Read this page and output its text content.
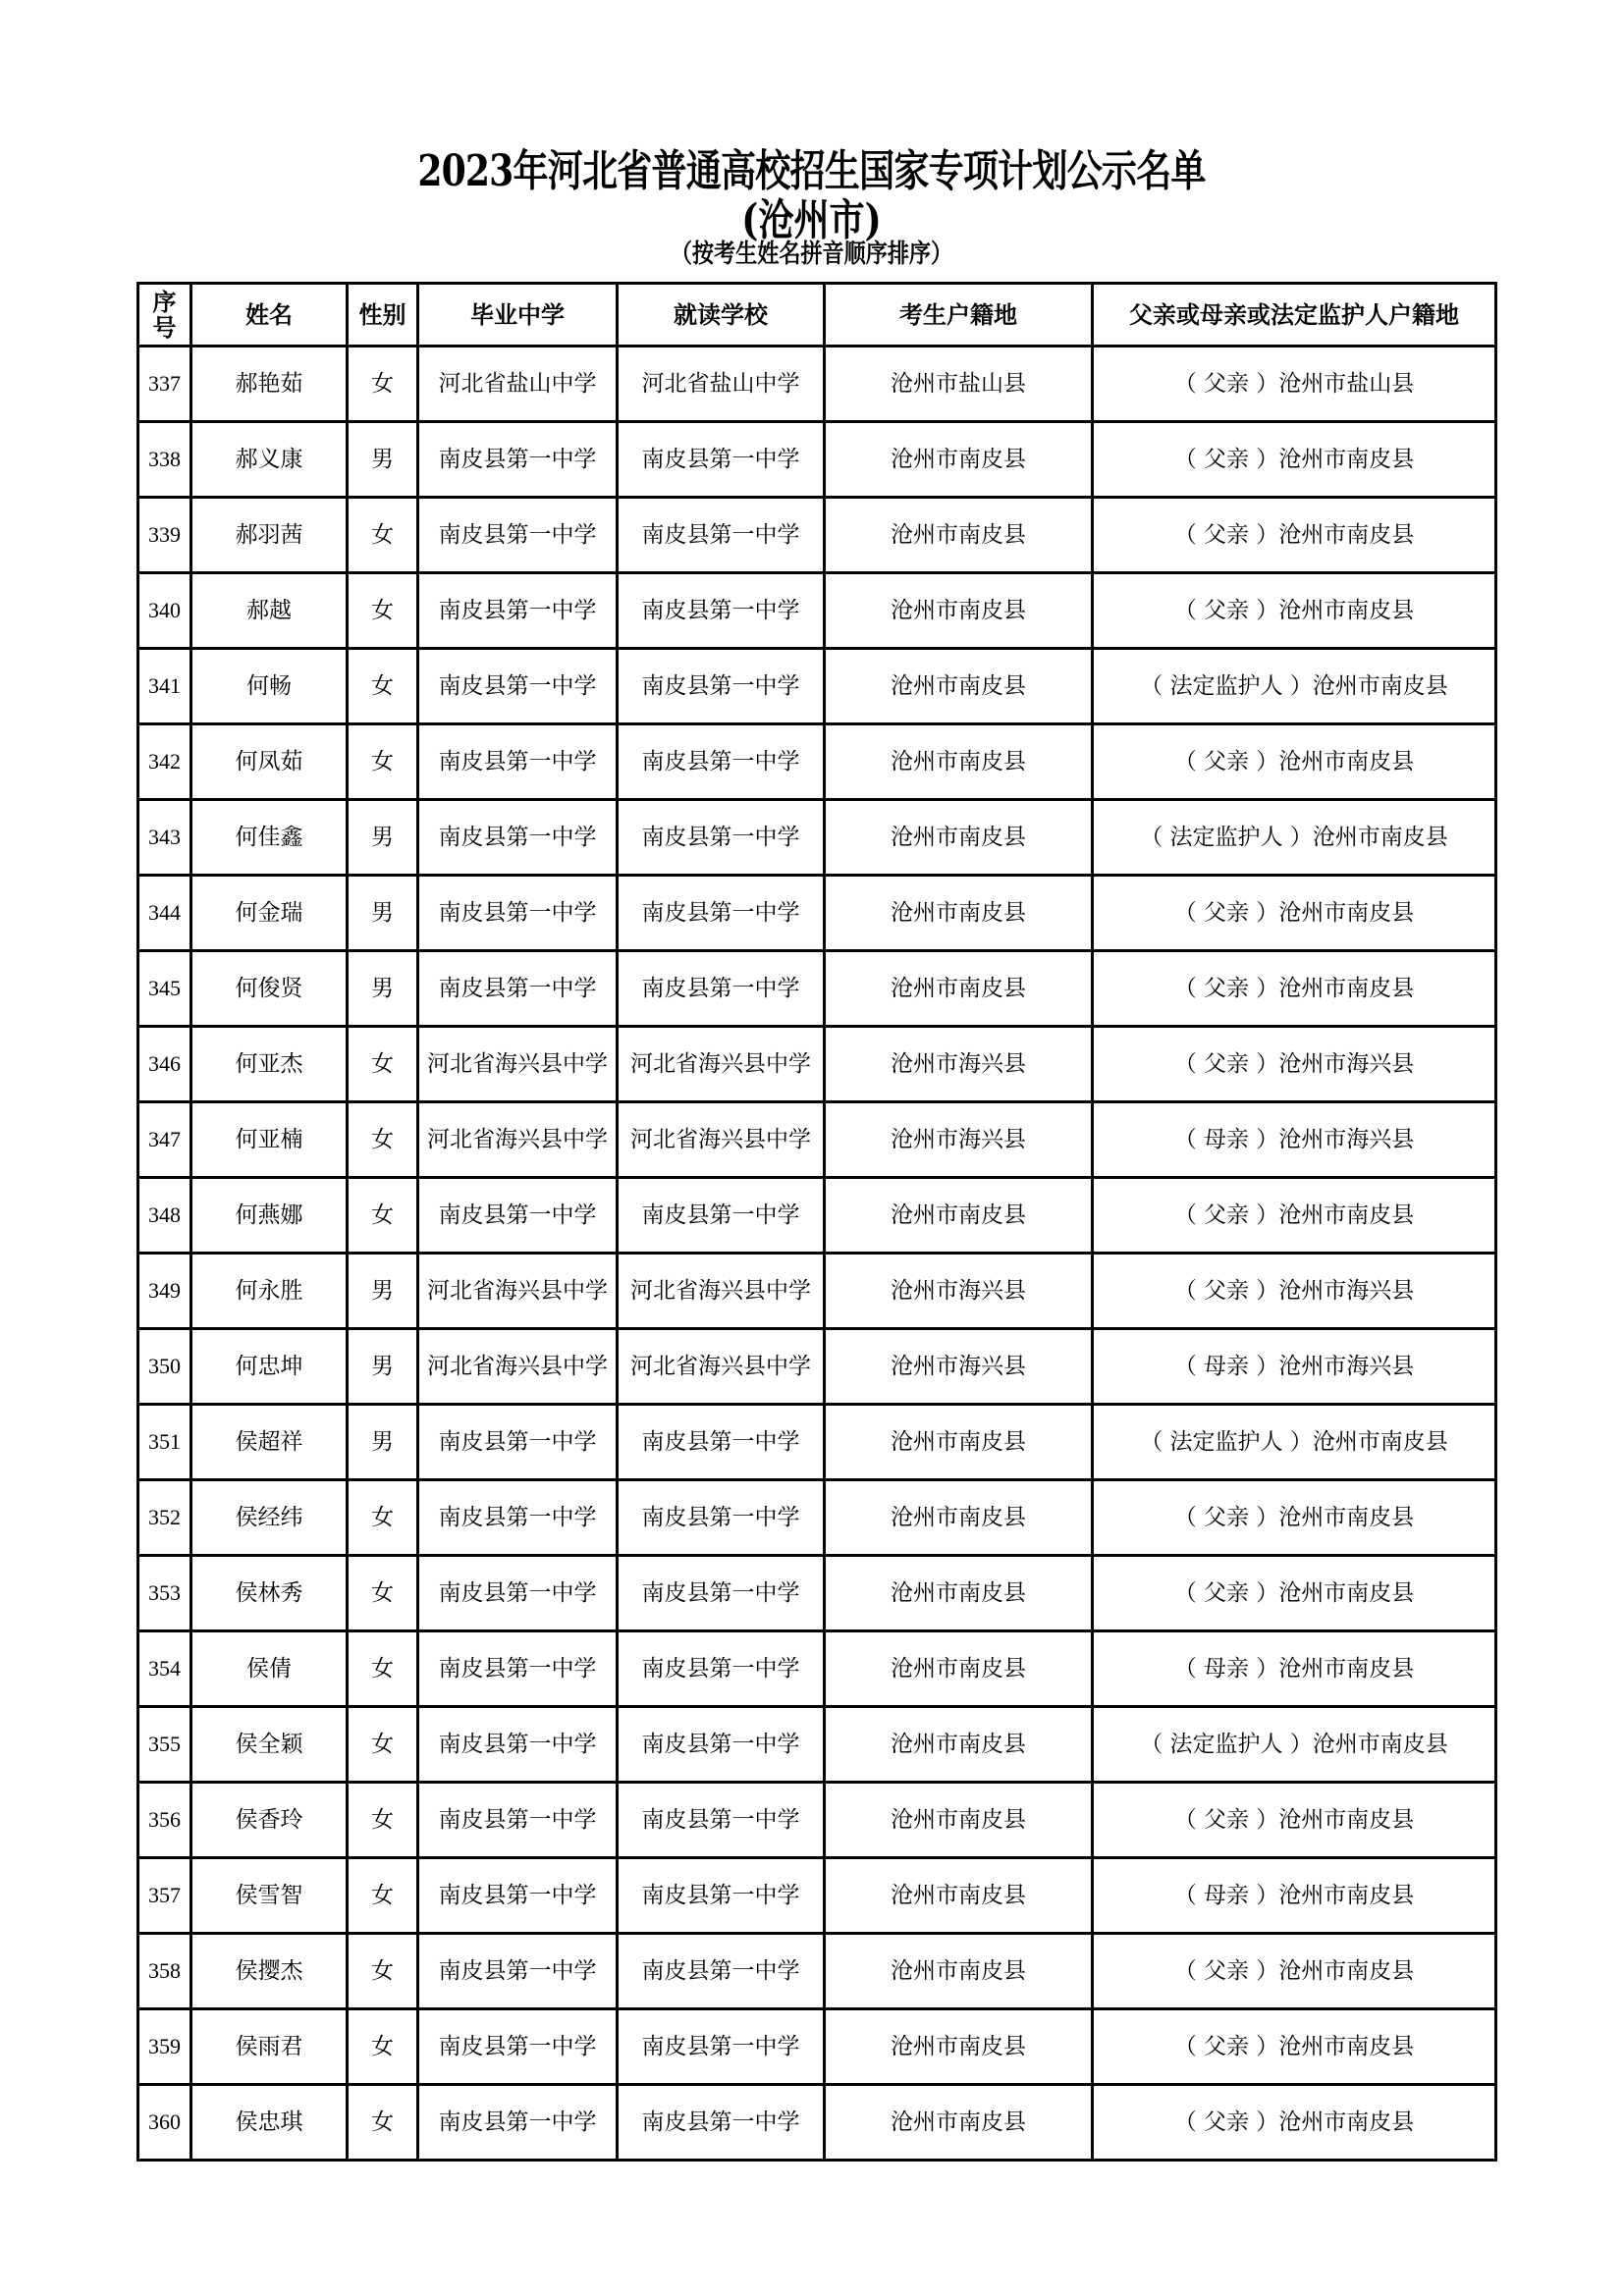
2023年河北省普通高校招生国家专项计划公示名单
(沧州市)
（按考生姓名拼音顺序排序）
序号	姓名	性别	毕业中学	就读学校	考生户籍地	父亲或母亲或法定监护人户籍地
337	郝艳茹	女	河北省盐山中学	河北省盐山中学	沧州市盐山县	（ 父亲 ）沧州市盐山县
338	郝义康	男	南皮县第一中学	南皮县第一中学	沧州市南皮县	（ 父亲 ）沧州市南皮县
339	郝羽茜	女	南皮县第一中学	南皮县第一中学	沧州市南皮县	（ 父亲 ）沧州市南皮县
340	郝越	女	南皮县第一中学	南皮县第一中学	沧州市南皮县	（ 父亲 ）沧州市南皮县
341	何畅	女	南皮县第一中学	南皮县第一中学	沧州市南皮县	（ 法定监护人 ）沧州市南皮县
342	何凤茹	女	南皮县第一中学	南皮县第一中学	沧州市南皮县	（ 父亲 ）沧州市南皮县
343	何佳鑫	男	南皮县第一中学	南皮县第一中学	沧州市南皮县	（ 法定监护人 ）沧州市南皮县
344	何金瑞	男	南皮县第一中学	南皮县第一中学	沧州市南皮县	（ 父亲 ）沧州市南皮县
345	何俊贤	男	南皮县第一中学	南皮县第一中学	沧州市南皮县	（ 父亲 ）沧州市南皮县
346	何亚杰	女	河北省海兴县中学	河北省海兴县中学	沧州市海兴县	（ 父亲 ）沧州市海兴县
347	何亚楠	女	河北省海兴县中学	河北省海兴县中学	沧州市海兴县	（ 母亲 ）沧州市海兴县
348	何燕娜	女	南皮县第一中学	南皮县第一中学	沧州市南皮县	（ 父亲 ）沧州市南皮县
349	何永胜	男	河北省海兴县中学	河北省海兴县中学	沧州市海兴县	（ 父亲 ）沧州市海兴县
350	何忠坤	男	河北省海兴县中学	河北省海兴县中学	沧州市海兴县	（ 母亲 ）沧州市海兴县
351	侯超祥	男	南皮县第一中学	南皮县第一中学	沧州市南皮县	（ 法定监护人 ）沧州市南皮县
352	侯经纬	女	南皮县第一中学	南皮县第一中学	沧州市南皮县	（ 父亲 ）沧州市南皮县
353	侯林秀	女	南皮县第一中学	南皮县第一中学	沧州市南皮县	（ 父亲 ）沧州市南皮县
354	侯倩	女	南皮县第一中学	南皮县第一中学	沧州市南皮县	（ 母亲 ）沧州市南皮县
355	侯全颖	女	南皮县第一中学	南皮县第一中学	沧州市南皮县	（ 法定监护人 ）沧州市南皮县
356	侯香玲	女	南皮县第一中学	南皮县第一中学	沧州市南皮县	（ 父亲 ）沧州市南皮县
357	侯雪智	女	南皮县第一中学	南皮县第一中学	沧州市南皮县	（ 母亲 ）沧州市南皮县
358	侯撄杰	女	南皮县第一中学	南皮县第一中学	沧州市南皮县	（ 父亲 ）沧州市南皮县
359	侯雨君	女	南皮县第一中学	南皮县第一中学	沧州市南皮县	（ 父亲 ）沧州市南皮县
360	侯忠琪	女	南皮县第一中学	南皮县第一中学	沧州市南皮县	（ 父亲 ）沧州市南皮县
